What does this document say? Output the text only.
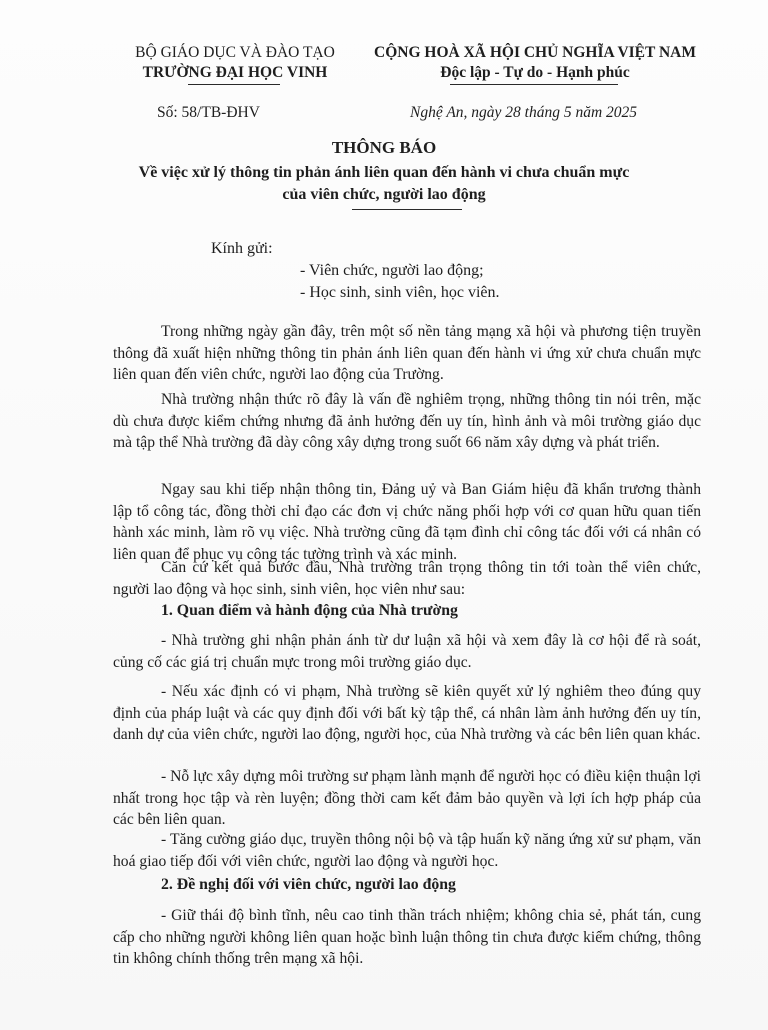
BỘ GIÁO DỤC VÀ ĐÀO TẠO
TRƯỜNG ĐẠI HỌC VINH
CỘNG HOÀ XÃ HỘI CHỦ NGHĨA VIỆT NAM
Độc lập - Tự do - Hạnh phúc
Số: 58/TB-ĐHV	Nghệ An, ngày 28 tháng 5 năm 2025
THÔNG BÁO
Về việc xử lý thông tin phản ánh liên quan đến hành vi chưa chuẩn mực
của viên chức, người lao động
Kính gửi:
- Viên chức, người lao động;
- Học sinh, sinh viên, học viên.
Trong những ngày gần đây, trên một số nền tảng mạng xã hội và phương tiện truyền thông đã xuất hiện những thông tin phản ánh liên quan đến hành vi ứng xử chưa chuẩn mực liên quan đến viên chức, người lao động của Trường.
Nhà trường nhận thức rõ đây là vấn đề nghiêm trọng, những thông tin nói trên, mặc dù chưa được kiểm chứng nhưng đã ảnh hưởng đến uy tín, hình ảnh và môi trường giáo dục mà tập thể Nhà trường đã dày công xây dựng trong suốt 66 năm xây dựng và phát triển.
Ngay sau khi tiếp nhận thông tin, Đảng uỷ và Ban Giám hiệu đã khẩn trương thành lập tổ công tác, đồng thời chỉ đạo các đơn vị chức năng phối hợp với cơ quan hữu quan tiến hành xác minh, làm rõ vụ việc. Nhà trường cũng đã tạm đình chỉ công tác đối với cá nhân có liên quan để phục vụ công tác tường trình và xác minh.
Căn cứ kết quả bước đầu, Nhà trường trân trọng thông tin tới toàn thể viên chức, người lao động và học sinh, sinh viên, học viên như sau:
1. Quan điểm và hành động của Nhà trường
- Nhà trường ghi nhận phản ánh từ dư luận xã hội và xem đây là cơ hội để rà soát, củng cố các giá trị chuẩn mực trong môi trường giáo dục.
- Nếu xác định có vi phạm, Nhà trường sẽ kiên quyết xử lý nghiêm theo đúng quy định của pháp luật và các quy định đối với bất kỳ tập thể, cá nhân làm ảnh hưởng đến uy tín, danh dự của viên chức, người lao động, người học, của Nhà trường và các bên liên quan khác.
- Nỗ lực xây dựng môi trường sư phạm lành mạnh để người học có điều kiện thuận lợi nhất trong học tập và rèn luyện; đồng thời cam kết đảm bảo quyền và lợi ích hợp pháp của các bên liên quan.
- Tăng cường giáo dục, truyền thông nội bộ và tập huấn kỹ năng ứng xử sư phạm, văn hoá giao tiếp đối với viên chức, người lao động và người học.
2. Đề nghị đối với viên chức, người lao động
- Giữ thái độ bình tĩnh, nêu cao tinh thần trách nhiệm; không chia sẻ, phát tán, cung cấp cho những người không liên quan hoặc bình luận thông tin chưa được kiểm chứng, thông tin không chính thống trên mạng xã hội.
